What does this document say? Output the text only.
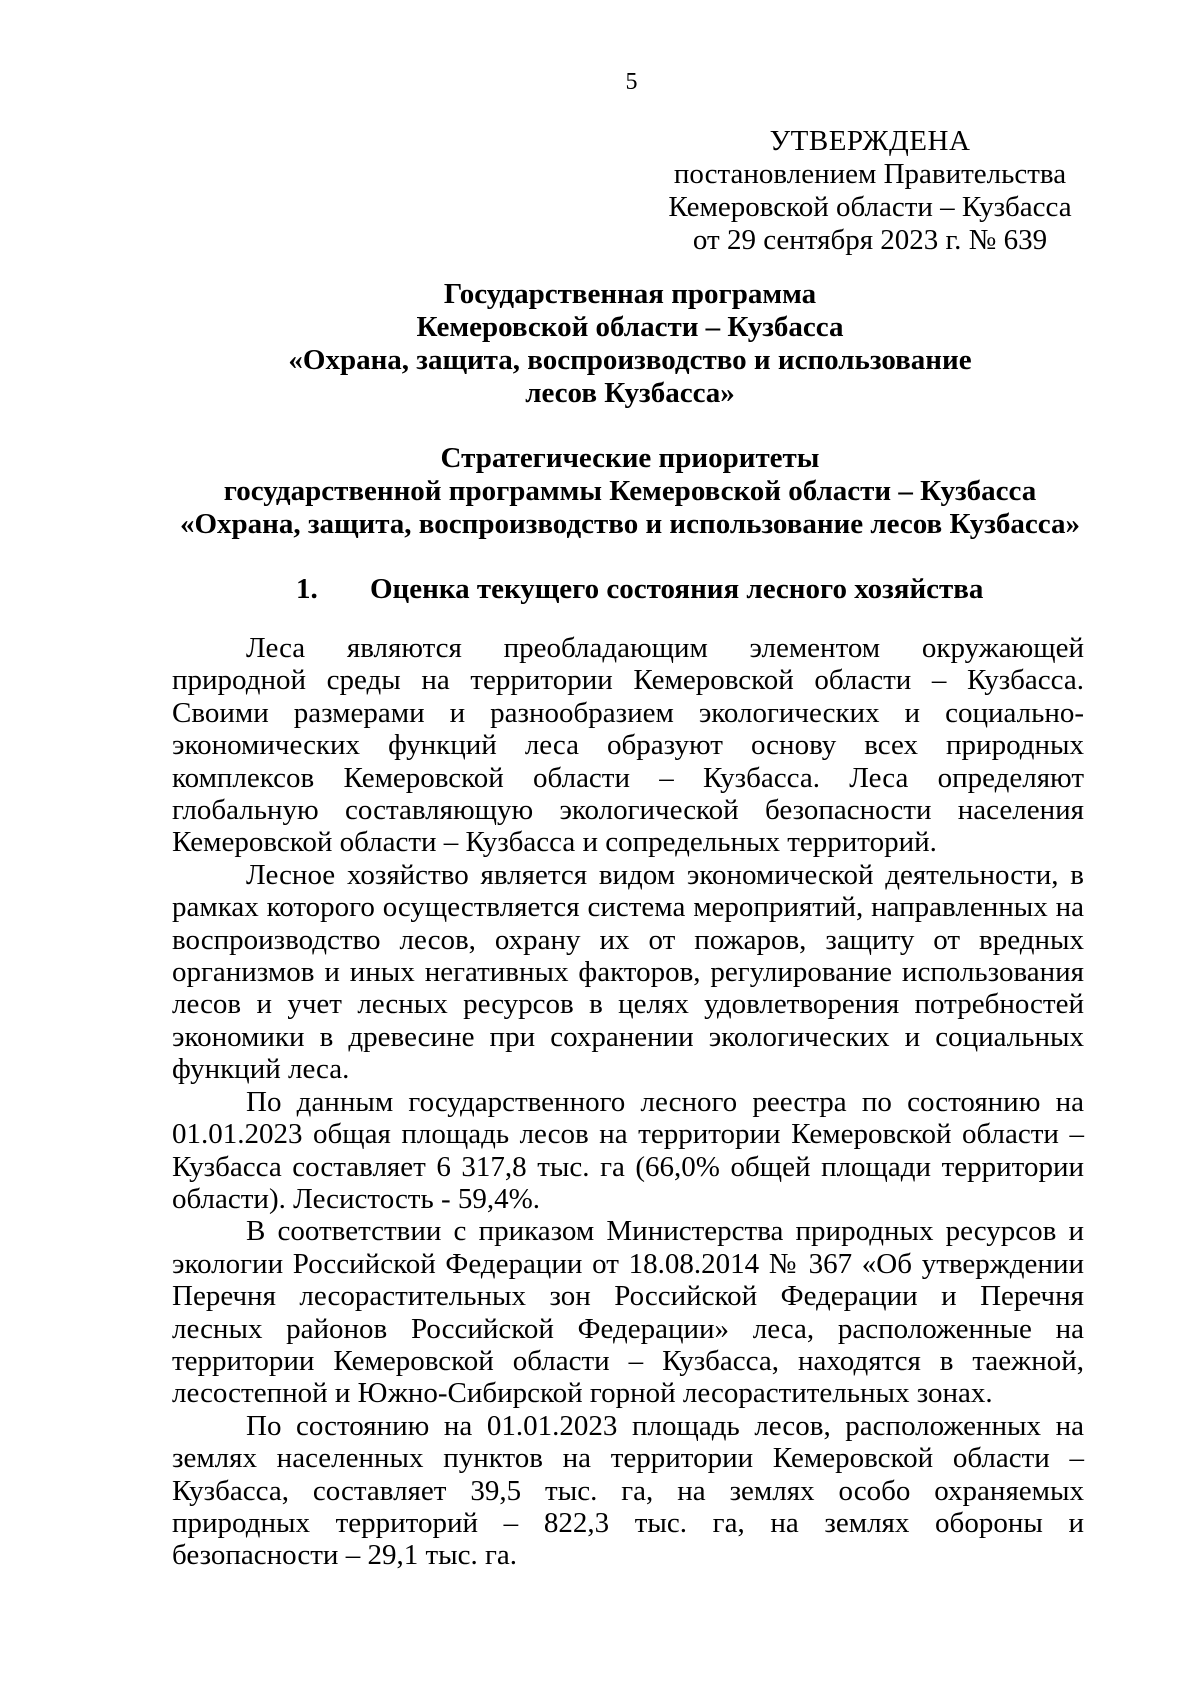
5
УТВЕРЖДЕНА
постановлением Правительства
Кемеровской области – Кузбасса
от 29 сентября 2023 г. № 639
Государственная программа
Кемеровской области – Кузбасса
«Охрана, защита, воспроизводство и использование
лесов Кузбасса»
Стратегические приоритеты
государственной программы Кемеровской области – Кузбасса
«Охрана, защита, воспроизводство и использование лесов Кузбасса»
1. Оценка текущего состояния лесного хозяйства

Леса являются преобладающим элементом окружающей природной среды на территории Кемеровской области – Кузбасса. Своими размерами и разнообразием экологических и социально-экономических функций леса образуют основу всех природных комплексов Кемеровской области – Кузбасса. Леса определяют глобальную составляющую экологической безопасности населения Кемеровской области – Кузбасса и сопредельных территорий.

Лесное хозяйство является видом экономической деятельности, в рамках которого осуществляется система мероприятий, направленных на воспроизводство лесов, охрану их от пожаров, защиту от вредных организмов и иных негативных факторов, регулирование использования лесов и учет лесных ресурсов в целях удовлетворения потребностей экономики в древесине при сохранении экологических и социальных функций леса.

По данным государственного лесного реестра по состоянию на 01.01.2023 общая площадь лесов на территории Кемеровской области – Кузбасса составляет 6 317,8 тыс. га (66,0% общей площади территории области). Лесистость - 59,4%.

В соответствии с приказом Министерства природных ресурсов и экологии Российской Федерации от 18.08.2014 № 367 «Об утверждении Перечня лесорастительных зон Российской Федерации и Перечня лесных районов Российской Федерации» леса, расположенные на территории Кемеровской области – Кузбасса, находятся в таежной, лесостепной и Южно-Сибирской горной лесорастительных зонах.

По состоянию на 01.01.2023 площадь лесов, расположенных на землях населенных пунктов на территории Кемеровской области – Кузбасса, составляет 39,5 тыс. га, на землях особо охраняемых природных территорий – 822,3 тыс. га, на землях обороны и безопасности – 29,1 тыс. га.
